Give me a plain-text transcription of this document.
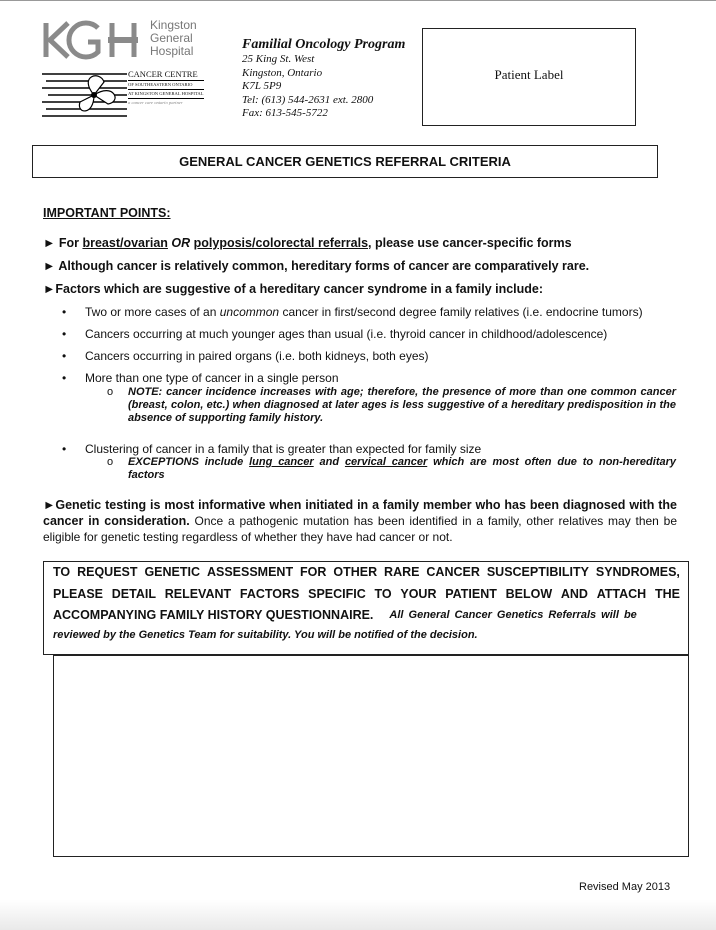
Kingston
General
Hospital
CANCER CENTRE
OF SOUTHEASTERN ONTARIO
AT KINGSTON GENERAL HOSPITAL
a cancer care ontario partner
Familial Oncology Program
25 King St. West
Kingston, Ontario
K7L 5P9
Tel: (613) 544-2631 ext. 2800
Fax: 613-545-5722
Patient Label
GENERAL CANCER GENETICS REFERRAL CRITERIA
IMPORTANT POINTS:
► For breast/ovarian OR polyposis/colorectal referrals, please use cancer-specific forms
► Although cancer is relatively common, hereditary forms of cancer are comparatively rare.
►Factors which are suggestive of a hereditary cancer syndrome in a family include:
• Two or more cases of an uncommon cancer in first/second degree family relatives (i.e. endocrine tumors)
• Cancers occurring at much younger ages than usual (i.e. thyroid cancer in childhood/adolescence)
• Cancers occurring in paired organs (i.e. both kidneys, both eyes)
• More than one type of cancer in a single person
o NOTE: cancer incidence increases with age; therefore, the presence of more than one common cancer (breast, colon, etc.) when diagnosed at later ages is less suggestive of a hereditary predisposition in the absence of supporting family history.
• Clustering of cancer in a family that is greater than expected for family size
o EXCEPTIONS include lung cancer and cervical cancer which are most often due to non-hereditary factors
►Genetic testing is most informative when initiated in a family member who has been diagnosed with the cancer in consideration. Once a pathogenic mutation has been identified in a family, other relatives may then be eligible for genetic testing regardless of whether they have had cancer or not.
TO REQUEST GENETIC ASSESSMENT FOR OTHER RARE CANCER SUSCEPTIBILITY SYNDROMES,
PLEASE DETAIL RELEVANT FACTORS SPECIFIC TO YOUR PATIENT BELOW AND ATTACH THE
ACCOMPANYING FAMILY HISTORY QUESTIONNAIRE. All General Cancer Genetics Referrals will be
reviewed by the Genetics Team for suitability. You will be notified of the decision.
Revised May 2013
